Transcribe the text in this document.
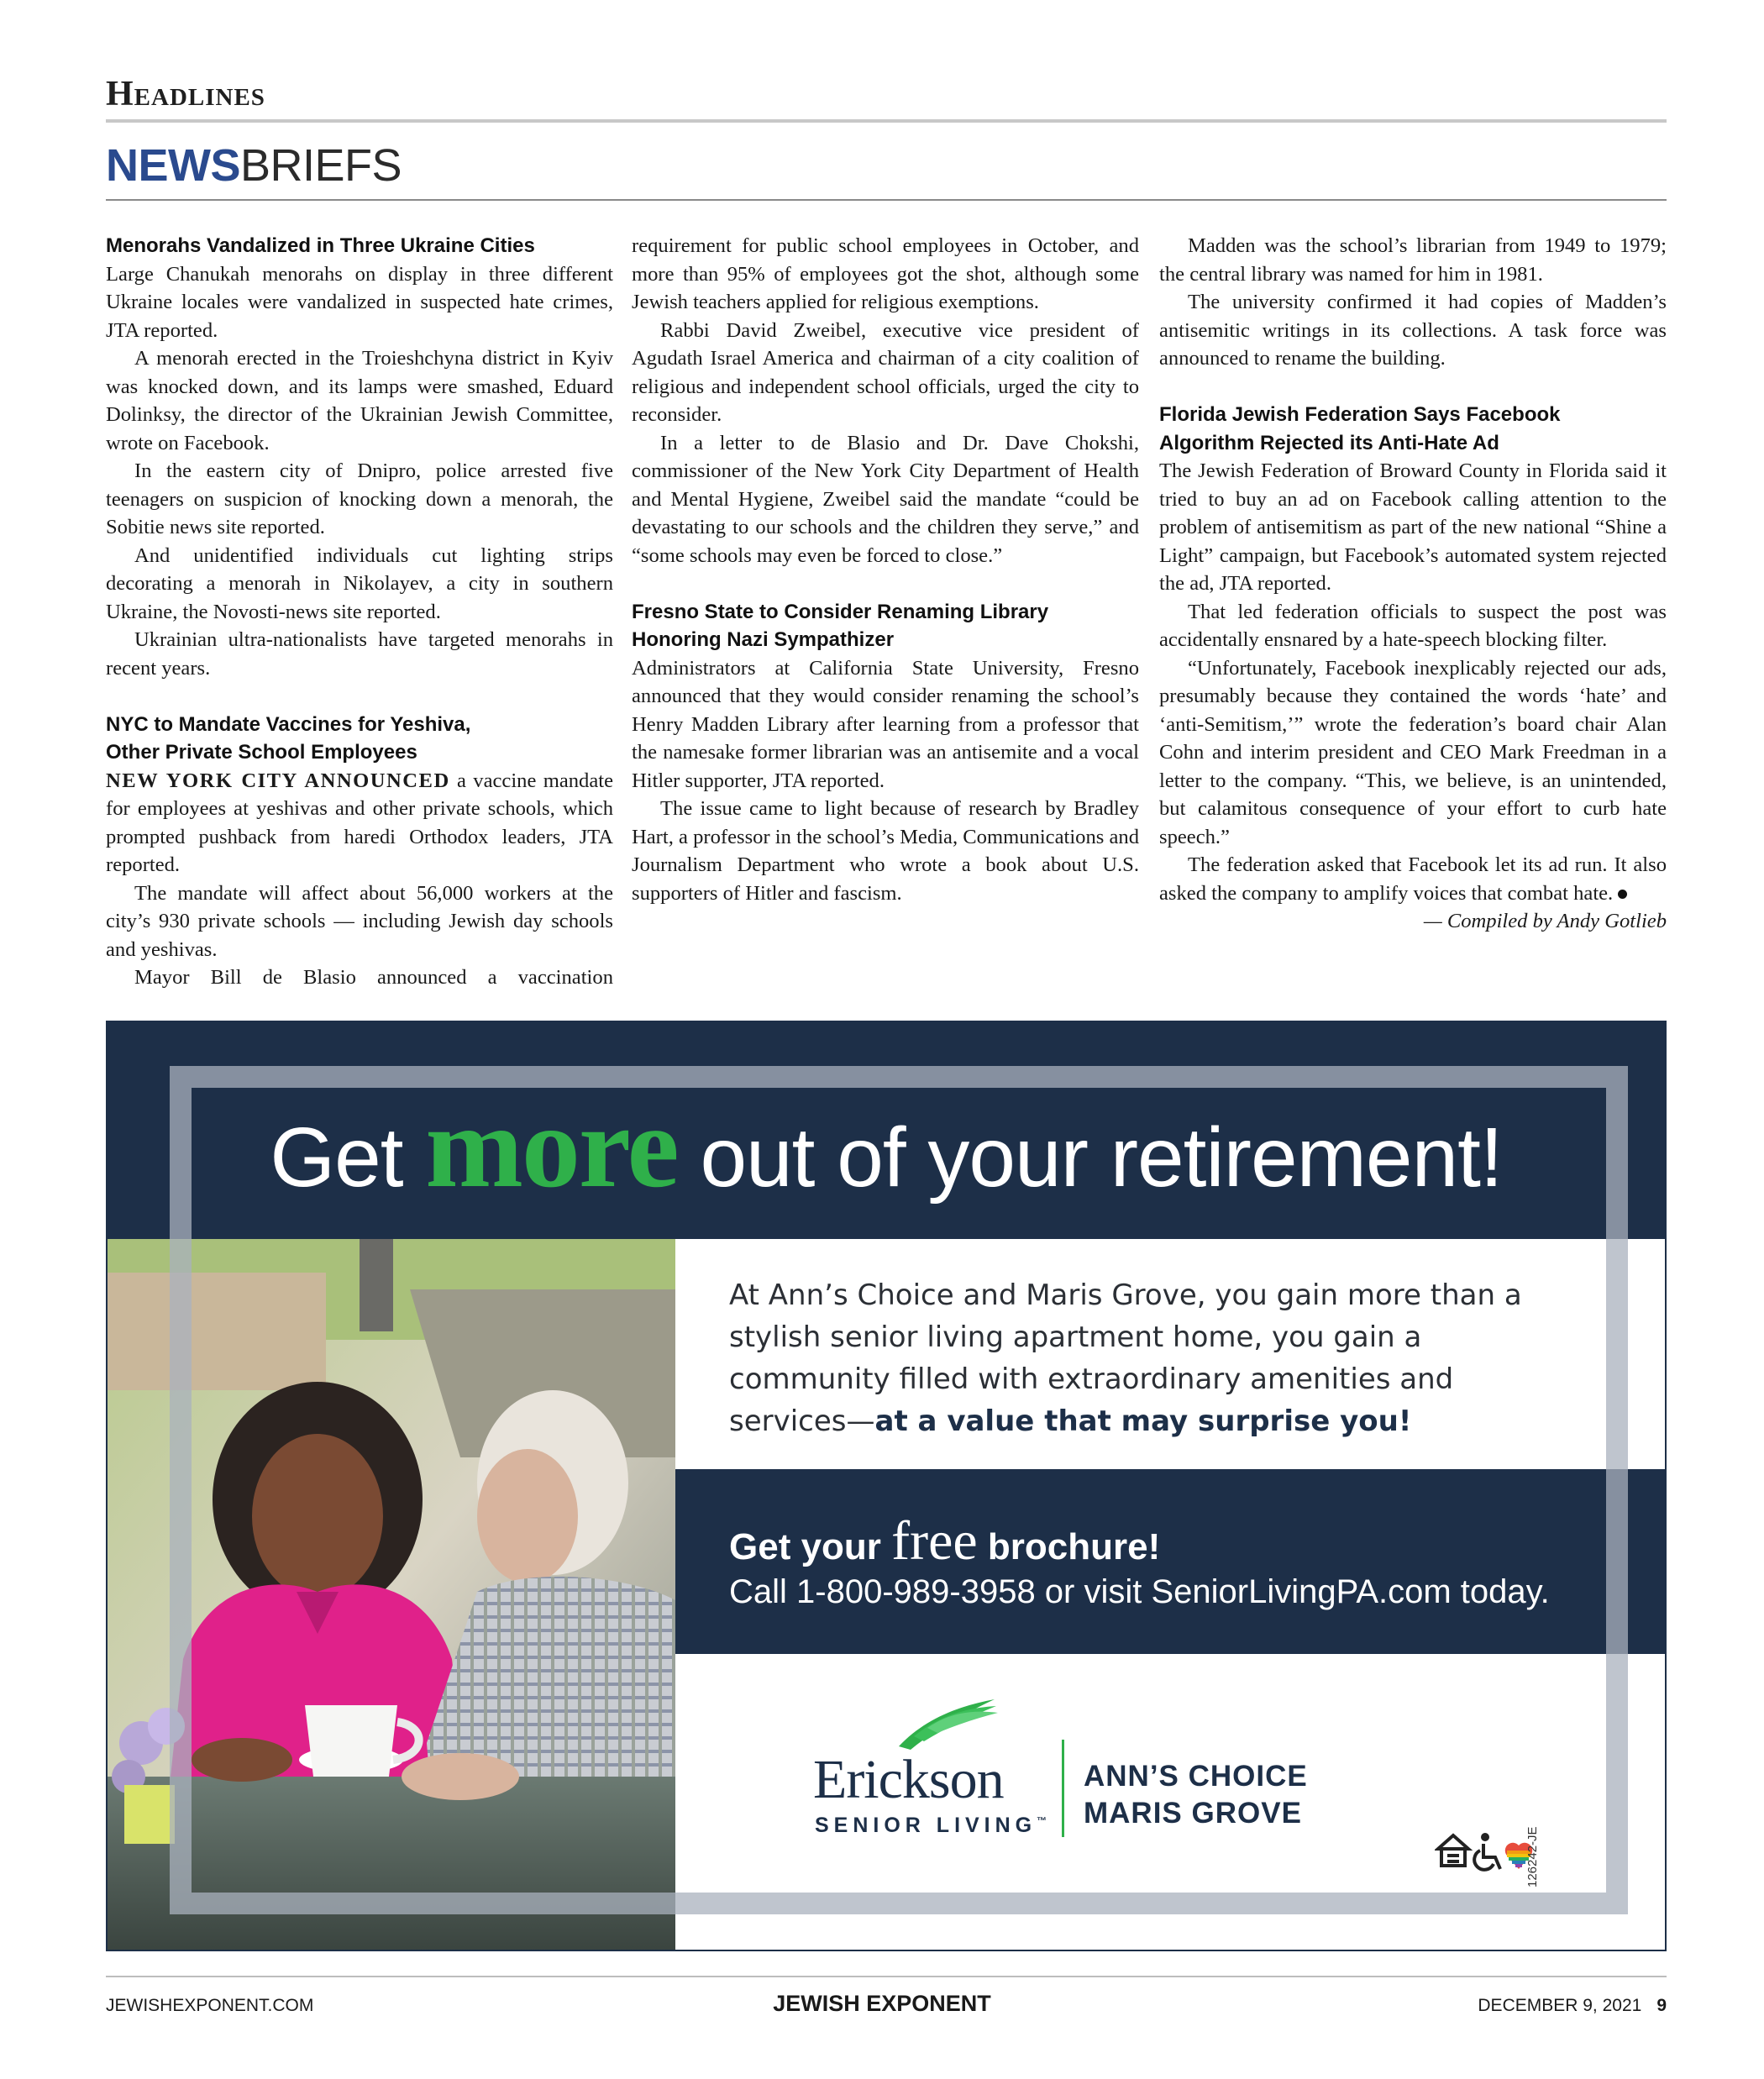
Headlines
NEWSBRIEFS
Menorahs Vandalized in Three Ukraine Cities

Large Chanukah menorahs on display in three different Ukraine locales were vandalized in suspected hate crimes, JTA reported.

A menorah erected in the Troieshchyna district in Kyiv was knocked down, and its lamps were smashed, Eduard Dolinksy, the director of the Ukrainian Jewish Committee, wrote on Facebook.

In the eastern city of Dnipro, police arrested five teenagers on suspicion of knocking down a menorah, the Sobitie news site reported.

And unidentified individuals cut lighting strips decorating a menorah in Nikolayev, a city in southern Ukraine, the Novosti-news site reported.

Ukrainian ultra-nationalists have targeted menorahs in recent years.

NYC to Mandate Vaccines for Yeshiva,
Other Private School Employees

NEW YORK CITY ANNOUNCED a vaccine mandate for employees at yeshivas and other private schools, which prompted pushback from haredi Orthodox leaders, JTA reported.

The mandate will affect about 56,000 workers at the city’s 930 private schools — including Jewish day schools and yeshivas.

Mayor Bill de Blasio announced a vaccination

requirement for public school employees in October, and more than 95% of employees got the shot, although some Jewish teachers applied for religious exemptions.

Rabbi David Zweibel, executive vice president of Agudath Israel America and chairman of a city coalition of religious and independent school officials, urged the city to reconsider.

In a letter to de Blasio and Dr. Dave Chokshi, commissioner of the New York City Department of Health and Mental Hygiene, Zweibel said the mandate “could be devastating to our schools and the children they serve,” and “some schools may even be forced to close.”

Fresno State to Consider Renaming Library
Honoring Nazi Sympathizer

Administrators at California State University, Fresno announced that they would consider renaming the school’s Henry Madden Library after learning from a professor that the namesake former librarian was an antisemite and a vocal Hitler supporter, JTA reported.

The issue came to light because of research by Bradley Hart, a professor in the school’s Media, Communications and Journalism Department who wrote a book about U.S. supporters of Hitler and fascism.

Madden was the school’s librarian from 1949 to 1979; the central library was named for him in 1981.

The university confirmed it had copies of Madden’s antisemitic writings in its collections. A task force was announced to rename the building.

Florida Jewish Federation Says Facebook
Algorithm Rejected its Anti-Hate Ad

The Jewish Federation of Broward County in Florida said it tried to buy an ad on Facebook calling attention to the problem of antisemitism as part of the new national “Shine a Light” campaign, but Facebook’s automated system rejected the ad, JTA reported.

That led federation officials to suspect the post was accidentally ensnared by a hate-speech blocking filter.

“Unfortunately, Facebook inexplicably rejected our ads, presumably because they contained the words ‘hate’ and ‘anti-Semitism,’” wrote the federation’s board chair Alan Cohn and interim president and CEO Mark Freedman in a letter to the company. “This, we believe, is an unintended, but calamitous consequence of your effort to curb hate speech.”

The federation asked that Facebook let its ad run. It also asked the company to amplify voices that combat hate.

— Compiled by Andy Gotlieb

Get more out of your retirement!
At Ann’s Choice and Maris Grove, you gain more than a stylish senior living apartment home, you gain a community filled with extraordinary amenities and services—at a value that may surprise you!
Get your free brochure!
Call 1-800-989-3958 or visit SeniorLivingPA.com today.
Erickson
SENIOR LIVING™
ANN’S CHOICE
MARIS GROVE
126242-JE
JEWISHEXPONENT.COM	JEWISH EXPONENT	DECEMBER 9, 2021 9
